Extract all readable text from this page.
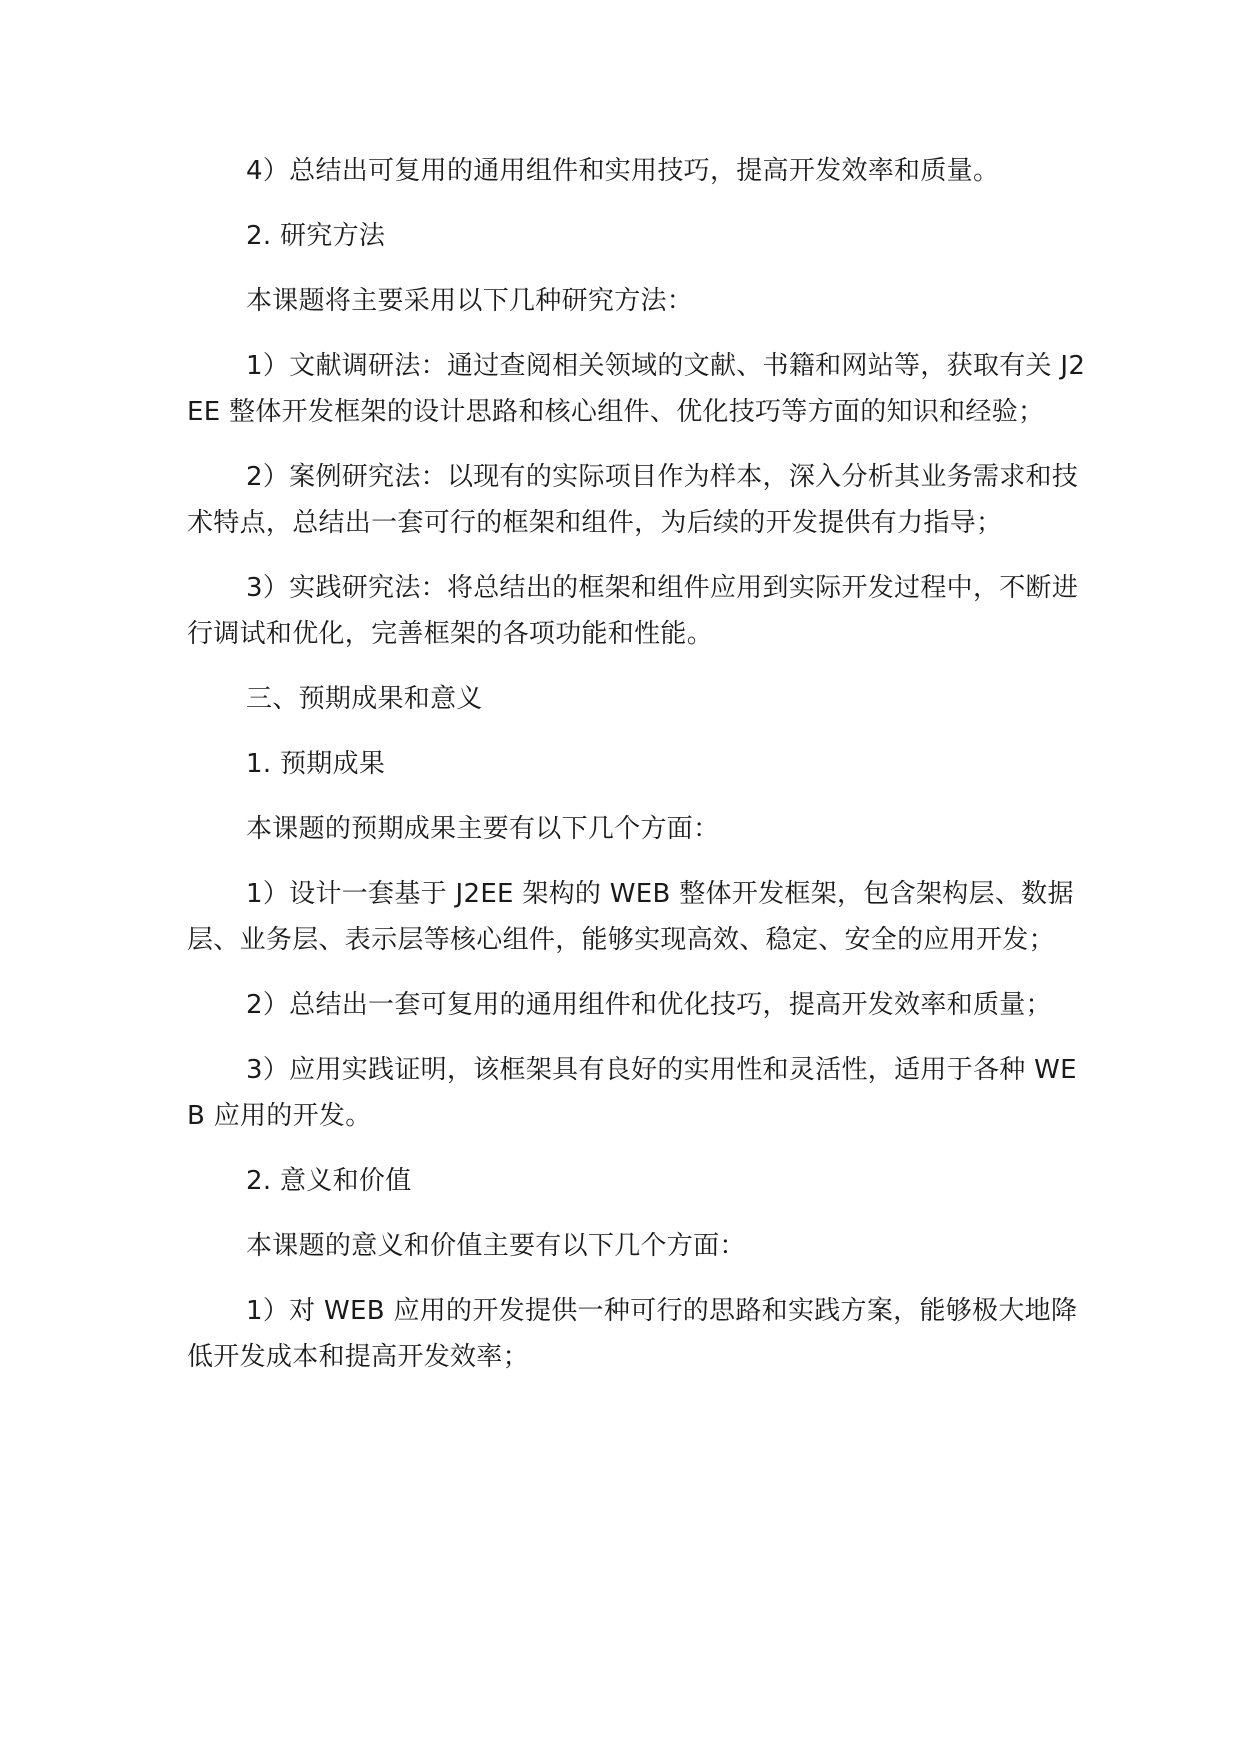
4）总结出可复用的通用组件和实用技巧，提高开发效率和质量。

2. 研究方法

本课题将主要采用以下几种研究方法：

1）文献调研法：通过查阅相关领域的文献、书籍和网站等，获取有关 J2EE 整体开发框架的设计思路和核心组件、优化技巧等方面的知识和经验；

2）案例研究法：以现有的实际项目作为样本，深入分析其业务需求和技术特点，总结出一套可行的框架和组件，为后续的开发提供有力指导；

3）实践研究法：将总结出的框架和组件应用到实际开发过程中，不断进行调试和优化，完善框架的各项功能和性能。

三、预期成果和意义

1. 预期成果

本课题的预期成果主要有以下几个方面：

1）设计一套基于 J2EE 架构的 WEB 整体开发框架，包含架构层、数据层、业务层、表示层等核心组件，能够实现高效、稳定、安全的应用开发；

2）总结出一套可复用的通用组件和优化技巧，提高开发效率和质量；

3）应用实践证明，该框架具有良好的实用性和灵活性，适用于各种 WEB 应用的开发。

2. 意义和价值

本课题的意义和价值主要有以下几个方面：

1）对 WEB 应用的开发提供一种可行的思路和实践方案，能够极大地降低开发成本和提高开发效率；
